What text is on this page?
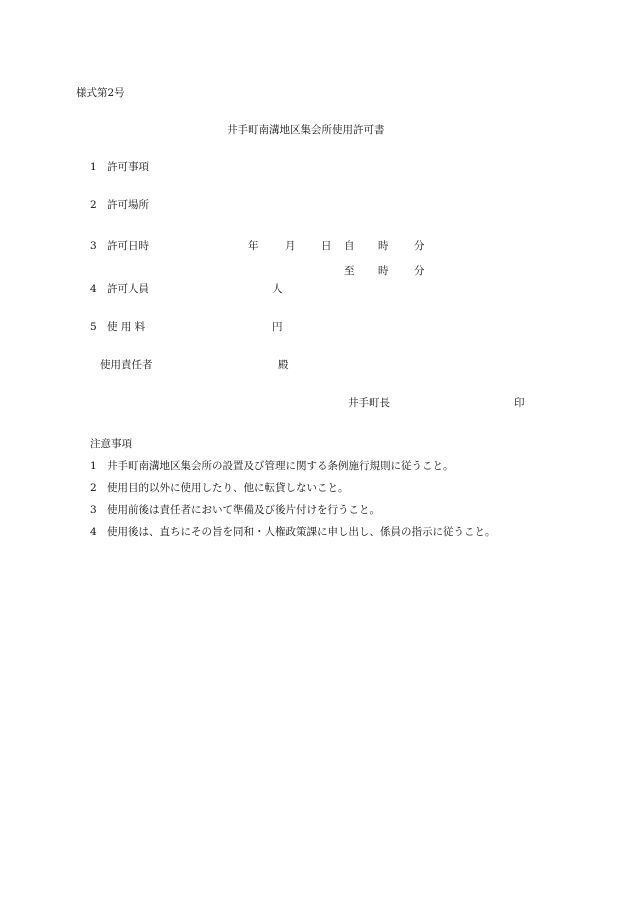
様式第2号
井手町南溝地区集会所使用許可書
1 許可事項
2 許可場所
3 許可日時	年	月 日 自 時 分
至 時 分
4 許可人員	人
5 使 用 料	円
使用責任者	殿
井手町長	印
注意事項
1 井手町南溝地区集会所の設置及び管理に関する条例施行規則に従うこと。
2 使用目的以外に使用したり、他に転貸しないこと。
3 使用前後は責任者において準備及び後片付けを行うこと。
4 使用後は、直ちにその旨を同和・人権政策課に申し出し、係員の指示に従うこと。
